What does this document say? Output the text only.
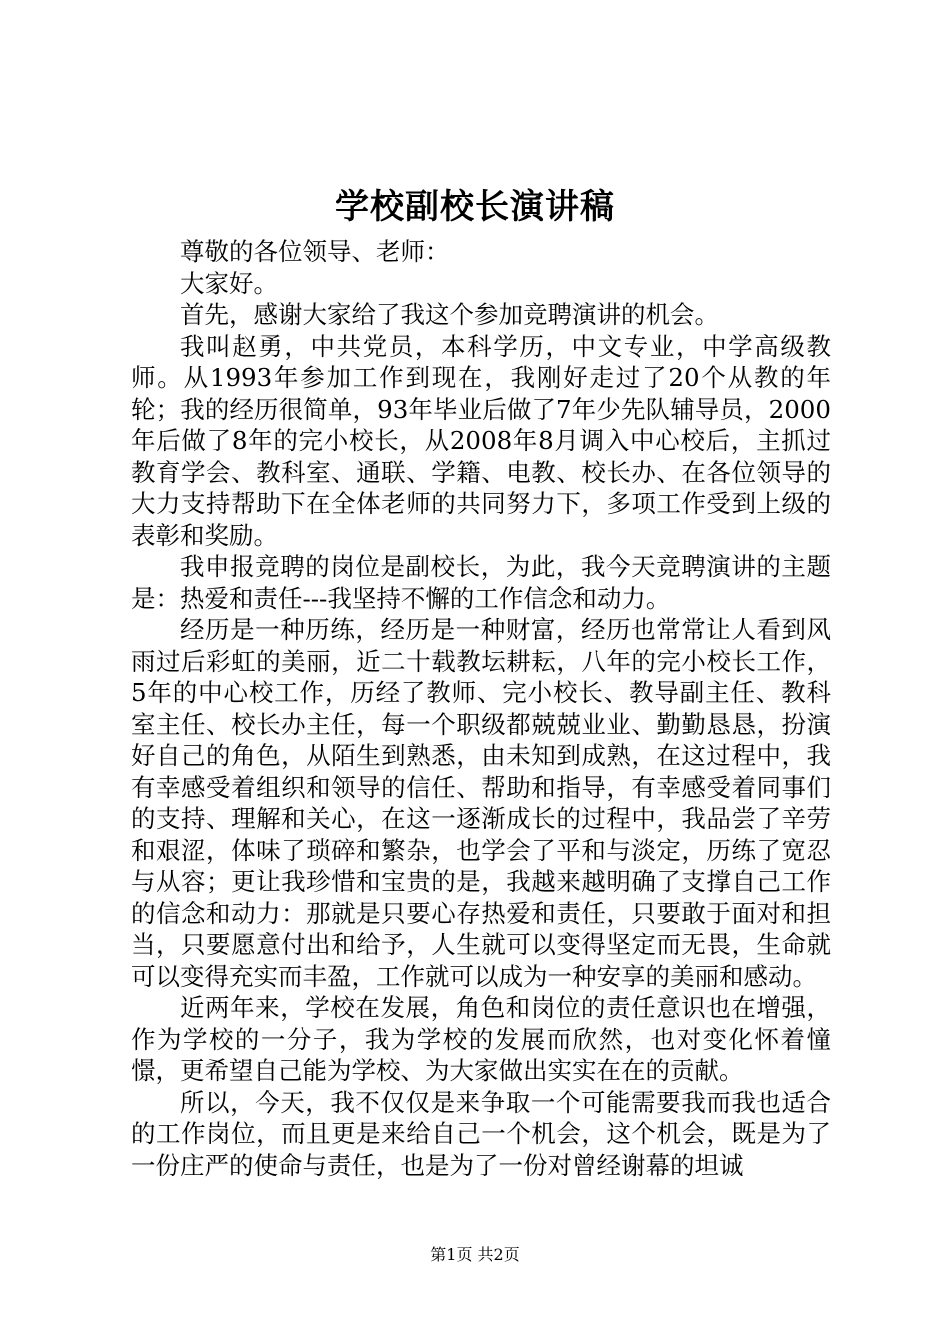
学校副校长演讲稿

尊敬的各位领导、老师：

大家好。

首先，感谢大家给了我这个参加竞聘演讲的机会。

我叫赵勇，中共党员，本科学历，中文专业，中学高级教师。从1993年参加工作到现在，我刚好走过了20个从教的年轮；我的经历很简单，93年毕业后做了7年少先队辅导员，2000年后做了8年的完小校长，从2008年8月调入中心校后，主抓过教育学会、教科室、通联、学籍、电教、校长办、在各位领导的大力支持帮助下在全体老师的共同努力下，多项工作受到上级的表彰和奖励。

我申报竞聘的岗位是副校长，为此，我今天竞聘演讲的主题是：热爱和责任---我坚持不懈的工作信念和动力。

经历是一种历练，经历是一种财富，经历也常常让人看到风雨过后彩虹的美丽，近二十载教坛耕耘，八年的完小校长工作，5年的中心校工作，历经了教师、完小校长、教导副主任、教科室主任、校长办主任，每一个职级都兢兢业业、勤勤恳恳，扮演好自己的角色，从陌生到熟悉，由未知到成熟，在这过程中，我有幸感受着组织和领导的信任、帮助和指导，有幸感受着同事们的支持、理解和关心，在这一逐渐成长的过程中，我品尝了辛劳和艰涩，体味了琐碎和繁杂，也学会了平和与淡定，历练了宽忍与从容；更让我珍惜和宝贵的是，我越来越明确了支撑自己工作的信念和动力：那就是只要心存热爱和责任，只要敢于面对和担当，只要愿意付出和给予，人生就可以变得坚定而无畏，生命就可以变得充实而丰盈，工作就可以成为一种安享的美丽和感动。

近两年来，学校在发展，角色和岗位的责任意识也在增强，作为学校的一分子，我为学校的发展而欣然，也对变化怀着憧憬，更希望自己能为学校、为大家做出实实在在的贡献。

所以，今天，我不仅仅是来争取一个可能需要我而我也适合的工作岗位，而且更是来给自己一个机会，这个机会，既是为了一份庄严的使命与责任，也是为了一份对曾经谢幕的坦诚

第1页 共2页
